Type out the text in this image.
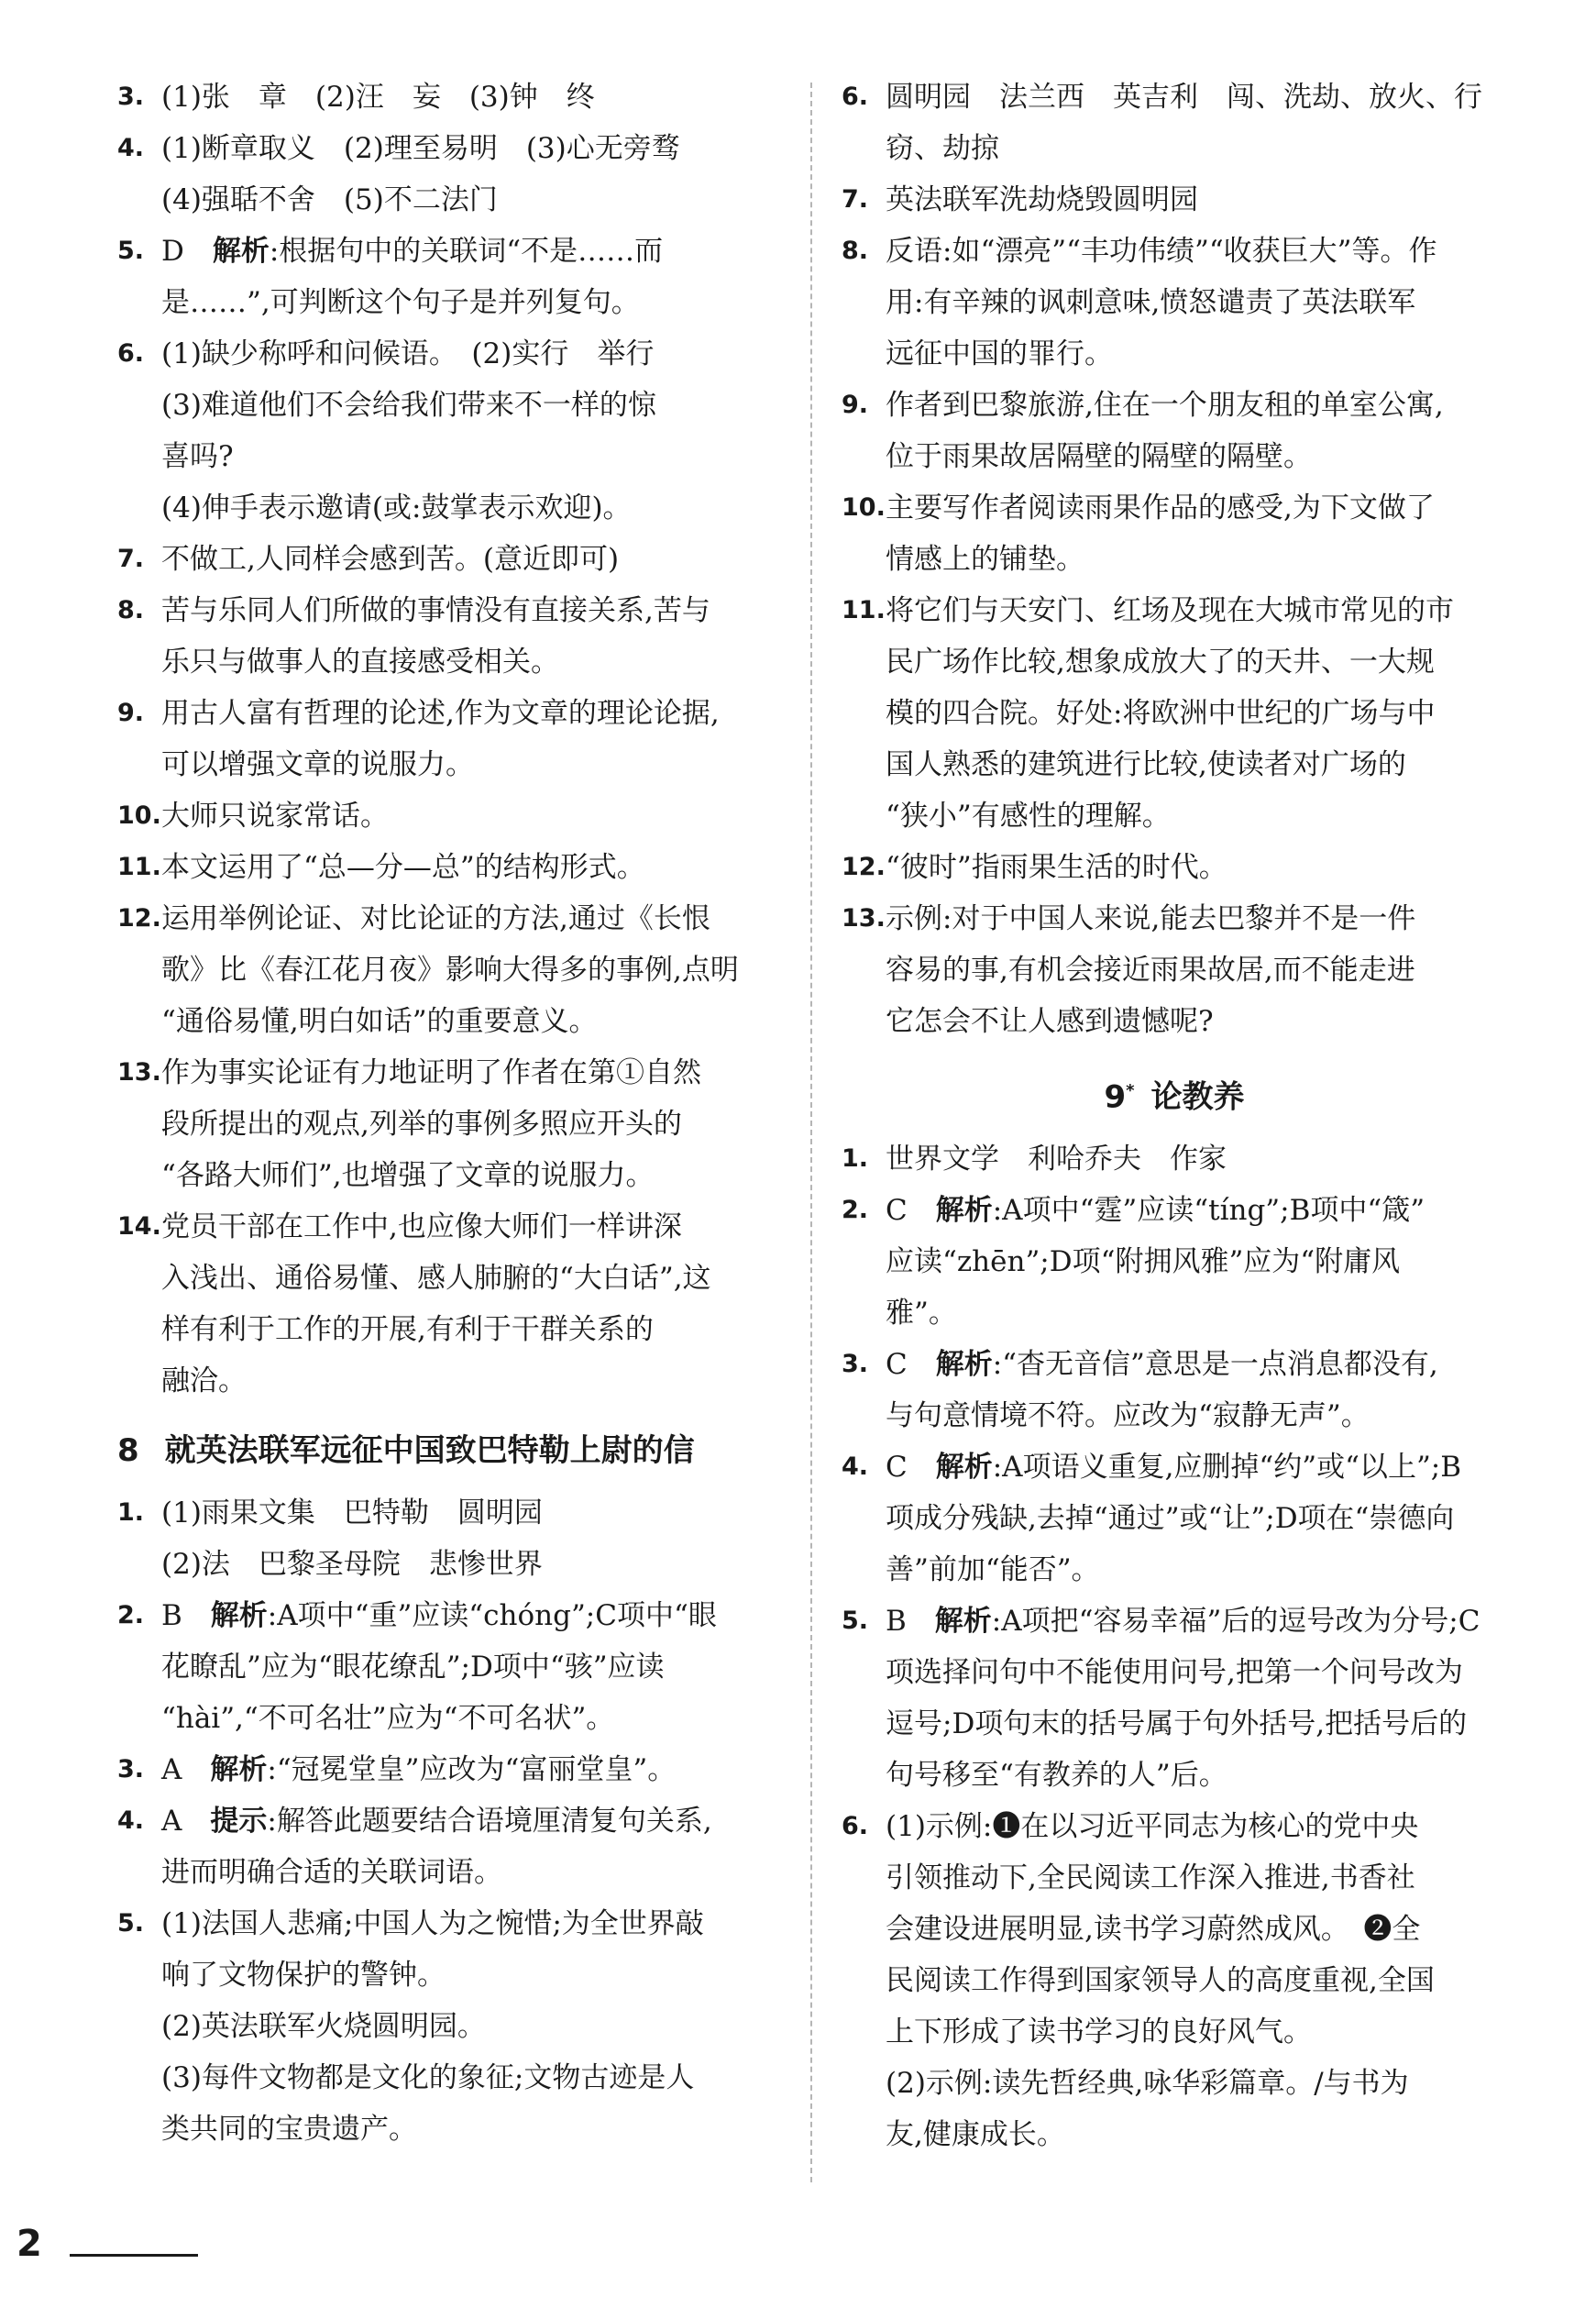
3. (1)张　章　(2)汪　妄　(3)钟　终
4. (1)断章取义　(2)理至易明　(3)心无旁骛
(4)强聒不舍　(5)不二法门
5. D　解析:根据句中的关联词“不是……而
是……”,可判断这个句子是并列复句。
6. (1)缺少称呼和问候语。　(2)实行　举行
(3)难道他们不会给我们带来不一样的惊
喜吗?
(4)伸手表示邀请(或:鼓掌表示欢迎)。
7. 不做工,人同样会感到苦。(意近即可)
8. 苦与乐同人们所做的事情没有直接关系,苦与
乐只与做事人的直接感受相关。
9. 用古人富有哲理的论述,作为文章的理论论据,
可以增强文章的说服力。
10. 大师只说家常话。
11. 本文运用了“总—分—总”的结构形式。
12. 运用举例论证、对比论证的方法,通过《长恨
歌》比《春江花月夜》影响大得多的事例,点明
“通俗易懂,明白如话”的重要意义。
13. 作为事实论证有力地证明了作者在第①自然
段所提出的观点,列举的事例多照应开头的
“各路大师们”,也增强了文章的说服力。
14. 党员干部在工作中,也应像大师们一样讲深
入浅出、通俗易懂、感人肺腑的“大白话”,这
样有利于工作的开展,有利于干群关系的
融洽。
8 就英法联军远征中国致巴特勒上尉的信
1. (1)雨果文集　巴特勒　圆明园
(2)法　巴黎圣母院　悲惨世界
2. B　解析:A项中“重”应读“chóng”;C项中“眼
花瞭乱”应为“眼花缭乱”;D项中“骇”应读
“hài”,“不可名壮”应为“不可名状”。
3. A　解析:“冠冕堂皇”应改为“富丽堂皇”。
4. A　提示:解答此题要结合语境厘清复句关系,
进而明确合适的关联词语。
5. (1)法国人悲痛;中国人为之惋惜;为全世界敲
响了文物保护的警钟。
(2)英法联军火烧圆明园。
(3)每件文物都是文化的象征;文物古迹是人
类共同的宝贵遗产。
6. 圆明园　法兰西　英吉利　闯、洗劫、放火、行
窃、劫掠
7. 英法联军洗劫烧毁圆明园
8. 反语:如“漂亮”“丰功伟绩”“收获巨大”等。作
用:有辛辣的讽刺意味,愤怒谴责了英法联军
远征中国的罪行。
9. 作者到巴黎旅游,住在一个朋友租的单室公寓,
位于雨果故居隔壁的隔壁的隔壁。
10. 主要写作者阅读雨果作品的感受,为下文做了
情感上的铺垫。
11. 将它们与天安门、红场及现在大城市常见的市
民广场作比较,想象成放大了的天井、一大规
模的四合院。好处:将欧洲中世纪的广场与中
国人熟悉的建筑进行比较,使读者对广场的
“狭小”有感性的理解。
12. “彼时”指雨果生活的时代。
13. 示例:对于中国人来说,能去巴黎并不是一件
容易的事,有机会接近雨果故居,而不能走进
它怎会不让人感到遗憾呢?
9* 论教养
1. 世界文学　利哈乔夫　作家
2. C　解析:A项中“霆”应读“tíng”;B项中“箴”
应读“zhēn”;D项“附拥风雅”应为“附庸风
雅”。
3. C　解析:“杳无音信”意思是一点消息都没有,
与句意情境不符。应改为“寂静无声”。
4. C　解析:A项语义重复,应删掉“约”或“以上”;B
项成分残缺,去掉“通过”或“让”;D项在“崇德向
善”前加“能否”。
5. B　解析:A项把“容易幸福”后的逗号改为分号;C
项选择问句中不能使用问号,把第一个问号改为
逗号;D项句末的括号属于句外括号,把括号后的
句号移至“有教养的人”后。
6. (1)示例:❶在以习近平同志为核心的党中央
引领推动下,全民阅读工作深入推进,书香社
会建设进展明显,读书学习蔚然成风。　❷全
民阅读工作得到国家领导人的高度重视,全国
上下形成了读书学习的良好风气。
(2)示例:读先哲经典,咏华彩篇章。/与书为
友,健康成长。
2
